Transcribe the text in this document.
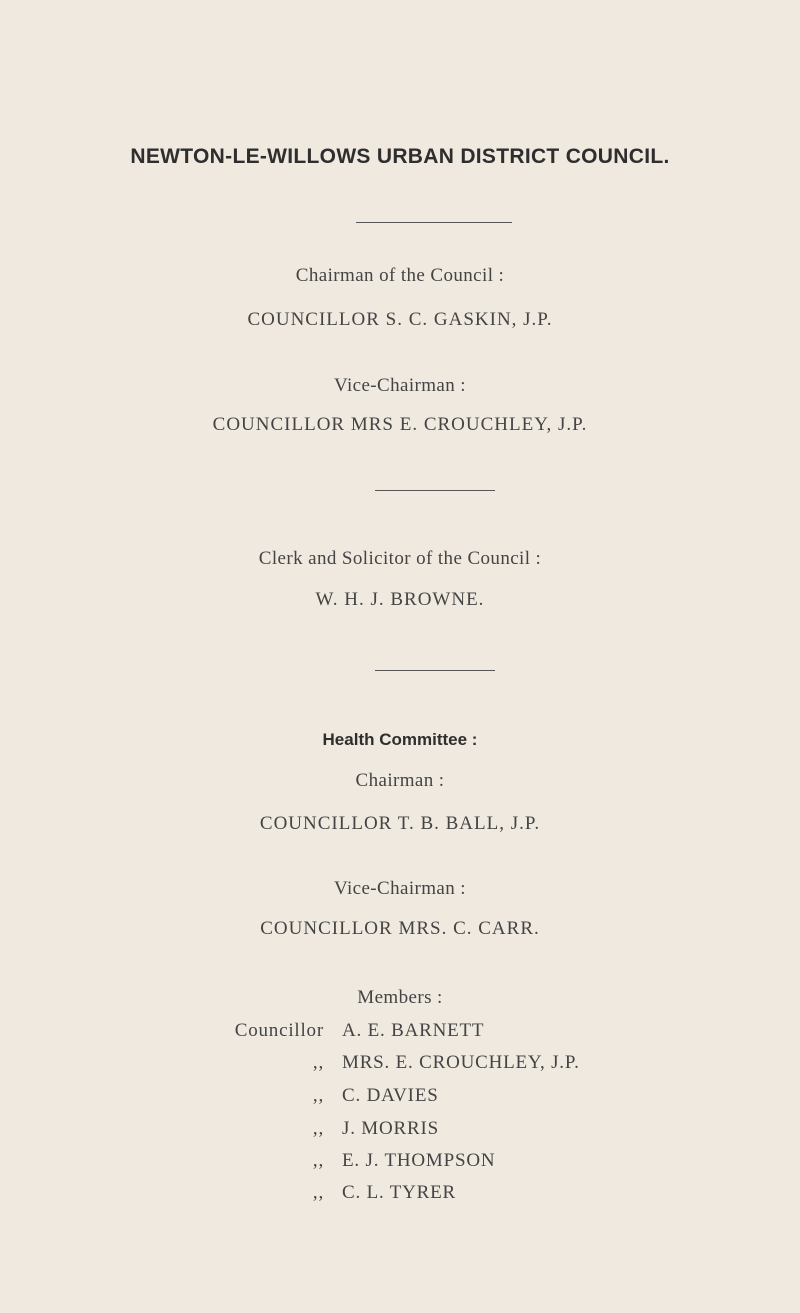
NEWTON-LE-WILLOWS URBAN DISTRICT COUNCIL.
Chairman of the Council :
COUNCILLOR S. C. GASKIN, J.P.
Vice-Chairman :
COUNCILLOR MRS E. CROUCHLEY, J.P.
Clerk and Solicitor of the Council :
W. H. J. BROWNE.
Health Committee :
Chairman :
COUNCILLOR T. B. BALL, J.P.
Vice-Chairman :
COUNCILLOR MRS. C. CARR.
Members :
Councillor A. E. BARNETT
,, MRS. E. CROUCHLEY, J.P.
,, C. DAVIES
,, J. MORRIS
,, E. J. THOMPSON
,, C. L. TYRER
